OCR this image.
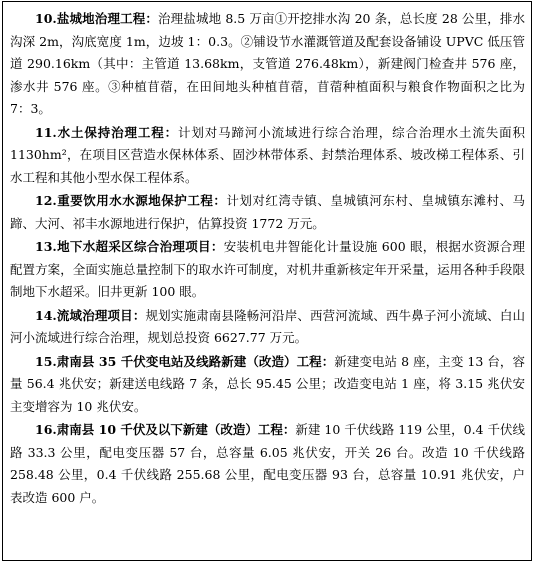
10.盐城地治理工程：治理盐城地 8.5 万亩①开挖排水沟 20 条，总长度 28 公里，排水沟深 2m，沟底宽度 1m，边坡 1：0.3。②铺设节水灌溉管道及配套设备铺设 UPVC 低压管道 290.16km（其中：主管道 13.68km，支管道 276.48km），新建阀门检查井 576 座，渗水井 576 座。③种植苜蓿，在田间地头种植苜蓿，苜蓿种植面积与粮食作物面积之比为 7：3。

11.水土保持治理工程：计划对马蹄河小流域进行综合治理，综合治理水土流失面积 1130hm²，在项目区营造水保林体系、固沙林带体系、封禁治理体系、坡改梯工程体系、引水工程和其他小型水保工程体系。

12.重要饮用水水源地保护工程：计划对红湾寺镇、皇城镇河东村、皇城镇东滩村、马蹄、大河、祁丰水源地进行保护，估算投资 1772 万元。

13.地下水超采区综合治理项目：安装机电井智能化计量设施 600 眼，根据水资源合理配置方案，全面实施总量控制下的取水许可制度，对机井重新核定年开采量，运用各种手段限制地下水超采。旧井更新 100 眼。

14.流域治理项目：规划实施肃南县隆畅河沿岸、西营河流域、西牛鼻子河小流域、白山河小流域进行综合治理，规划总投资 6627.77 万元。

15.肃南县 35 千伏变电站及线路新建（改造）工程：新建变电站 8 座，主变 13 台，容量 56.4 兆伏安；新建送电线路 7 条，总长 95.45 公里；改造变电站 1 座，将 3.15 兆伏安主变增容为 10 兆伏安。

16.肃南县 10 千伏及以下新建（改造）工程：新建 10 千伏线路 119 公里，0.4 千伏线路 33.3 公里，配电变压器 57 台，总容量 6.05 兆伏安，开关 26 台。改造 10 千伏线路 258.48 公里，0.4 千伏线路 255.68 公里，配电变压器 93 台，总容量 10.91 兆伏安，户表改造 600 户。
